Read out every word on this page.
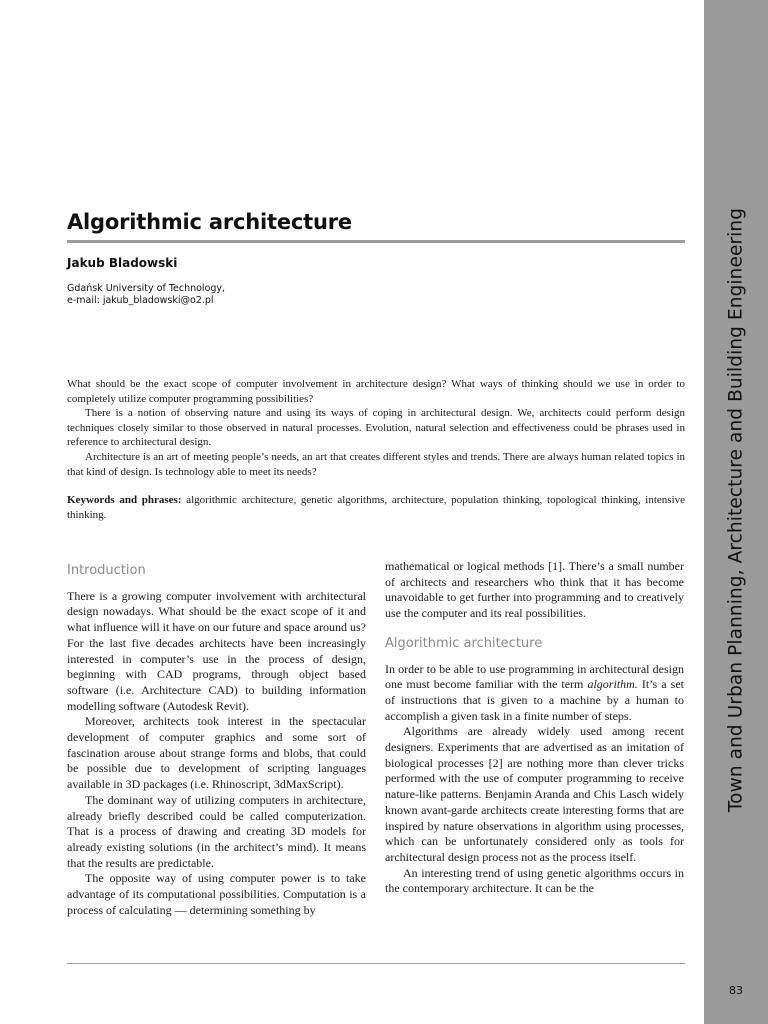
Town and Urban Planning, Architecture and Building Engineering
83
Algorithmic architecture
Jakub Bladowski
Gdańsk University of Technology,
e-mail: jakub_bladowski@o2.pl

What should be the exact scope of computer involvement in architecture design? What ways of thinking should we use in order to completely utilize computer programming possibilities?

There is a notion of observing nature and using its ways of coping in architectural design. We, architects could perform design techniques closely similar to those observed in natural processes. Evolution, natural selection and effectiveness could be phrases used in reference to architectural design.

Architecture is an art of meeting people’s needs, an art that creates different styles and trends. There are always human related topics in that kind of design. Is technology able to meet its needs?

Keywords and phrases: algorithmic architecture, genetic algorithms, architecture, population thinking, topological thinking, intensive thinking.
Introduction

There is a growing computer involvement with architectural design nowadays. What should be the exact scope of it and what influence will it have on our future and space around us? For the last five decades architects have been increasingly interested in computer’s use in the process of design, beginning with CAD programs, through object based software (i.e. Architecture CAD) to building information modelling software (Autodesk Revit).

Moreover, architects took interest in the spectacular development of computer graphics and some sort of fascination arouse about strange forms and blobs, that could be possible due to development of scripting languages available in 3D packages (i.e. Rhinoscript, 3dMaxScript).

The dominant way of utilizing computers in architecture, already briefly described could be called computerization. That is a process of drawing and creating 3D models for already existing solutions (in the architect’s mind). It means that the results are predictable.

The opposite way of using computer power is to take advantage of its computational possibilities. Computation is a process of calculating — determining something by

mathematical or logical methods [1]. There’s a small number of architects and researchers who think that it has become unavoidable to get further into programming and to creatively use the computer and its real possibilities.

Algorithmic architecture

In order to be able to use programming in architectural design one must become familiar with the term algorithm. It’s a set of instructions that is given to a machine by a human to accomplish a given task in a finite number of steps.

Algorithms are already widely used among recent designers. Experiments that are advertised as an imitation of biological processes [2] are nothing more than clever tricks performed with the use of computer programming to receive nature-like patterns. Benjamin Aranda and Chis Lasch widely known avant-garde architects create interesting forms that are inspired by nature observations in algorithm using processes, which can be unfortunately considered only as tools for architectural design process not as the process itself.

An interesting trend of using genetic algorithms occurs in the contemporary architecture. It can be the
